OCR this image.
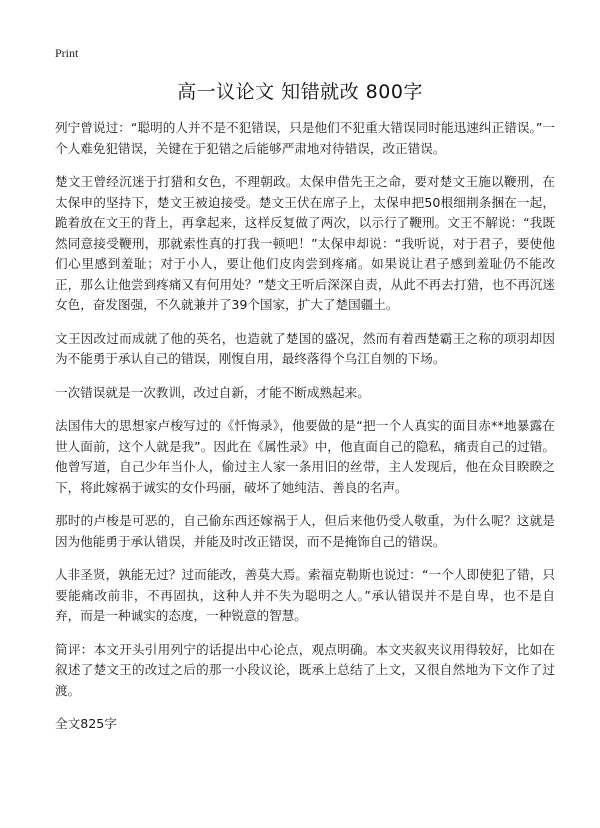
Print
高一议论文 知错就改 800字

列宁曾说过：“聪明的人并不是不犯错误，只是他们不犯重大错误同时能迅速纠正错误。”一个人难免犯错误，关键在于犯错之后能够严肃地对待错误，改正错误。

楚文王曾经沉迷于打猎和女色，不理朝政。太保申借先王之命，要对楚文王施以鞭刑，在太保申的坚持下，楚文王被迫接受。楚文王伏在席子上，太保申把50根细荆条捆在一起，跪着放在文王的背上，再拿起来，这样反复做了两次，以示行了鞭刑。文王不解说：“我既然同意接受鞭刑，那就索性真的打我一顿吧！”太保申却说：“我听说，对于君子，要使他们心里感到羞耻；对于小人，要让他们皮肉尝到疼痛。如果说让君子感到羞耻仍不能改正，那么让他尝到疼痛又有何用处？”楚文王听后深深自责，从此不再去打猎，也不再沉迷女色，奋发图强，不久就兼并了39个国家，扩大了楚国疆土。

文王因改过而成就了他的英名，也造就了楚国的盛况，然而有着西楚霸王之称的项羽却因为不能勇于承认自己的错误，刚愎自用，最终落得个乌江自刎的下场。

一次错误就是一次教训，改过自新，才能不断成熟起来。

法国伟大的思想家卢梭写过的《忏悔录》，他要做的是“把一个人真实的面目赤**地暴露在世人面前，这个人就是我”。因此在《属性录》中，他直面自己的隐私，痛责自己的过错。他曾写道，自己少年当仆人，偷过主人家一条用旧的丝带，主人发现后，他在众目睽睽之下，将此嫁祸于诚实的女仆玛丽，破坏了她纯洁、善良的名声。

那时的卢梭是可恶的，自己偷东西还嫁祸于人，但后来他仍受人敬重，为什么呢？这就是因为他能勇于承认错误，并能及时改正错误，而不是掩饰自己的错误。

人非圣贤，孰能无过？过而能改，善莫大焉。索福克勒斯也说过：“一个人即使犯了错，只要能痛改前非，不再固执，这种人并不失为聪明之人。”承认错误并不是自卑，也不是自弃，而是一种诚实的态度，一种锐意的智慧。

简评：本文开头引用列宁的话提出中心论点，观点明确。本文夹叙夹议用得较好，比如在叙述了楚文王的改过之后的那一小段议论，既承上总结了上文，又很自然地为下文作了过渡。

全文825字
